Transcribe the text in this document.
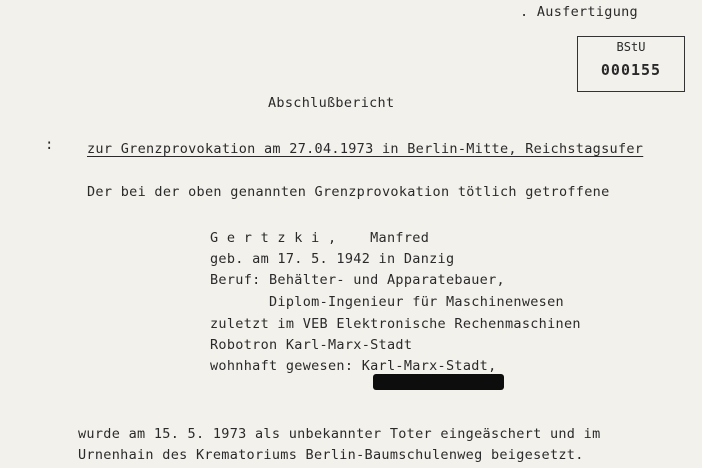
. Ausfertigung
BStU
000155
Abschlußbericht
: zur Grenzprovokation am 27.04.1973 in Berlin-Mitte, Reichstagsufer
Der bei der oben genannten Grenzprovokation tötlich getroffene
G e r t z k i ,    Manfred
geb. am 17. 5. 1942 in Danzig
Beruf: Behälter- und Apparatebauer,
Diplom-Ingenieur für Maschinenwesen
zuletzt im VEB Elektronische Rechenmaschinen
Robotron Karl-Marx-Stadt
wohnhaft gewesen: Karl-Marx-Stadt,
wurde am 15. 5. 1973 als unbekannter Toter eingeäschert und im
Urnenhain des Krematoriums Berlin-Baumschulenweg beigesetzt.
